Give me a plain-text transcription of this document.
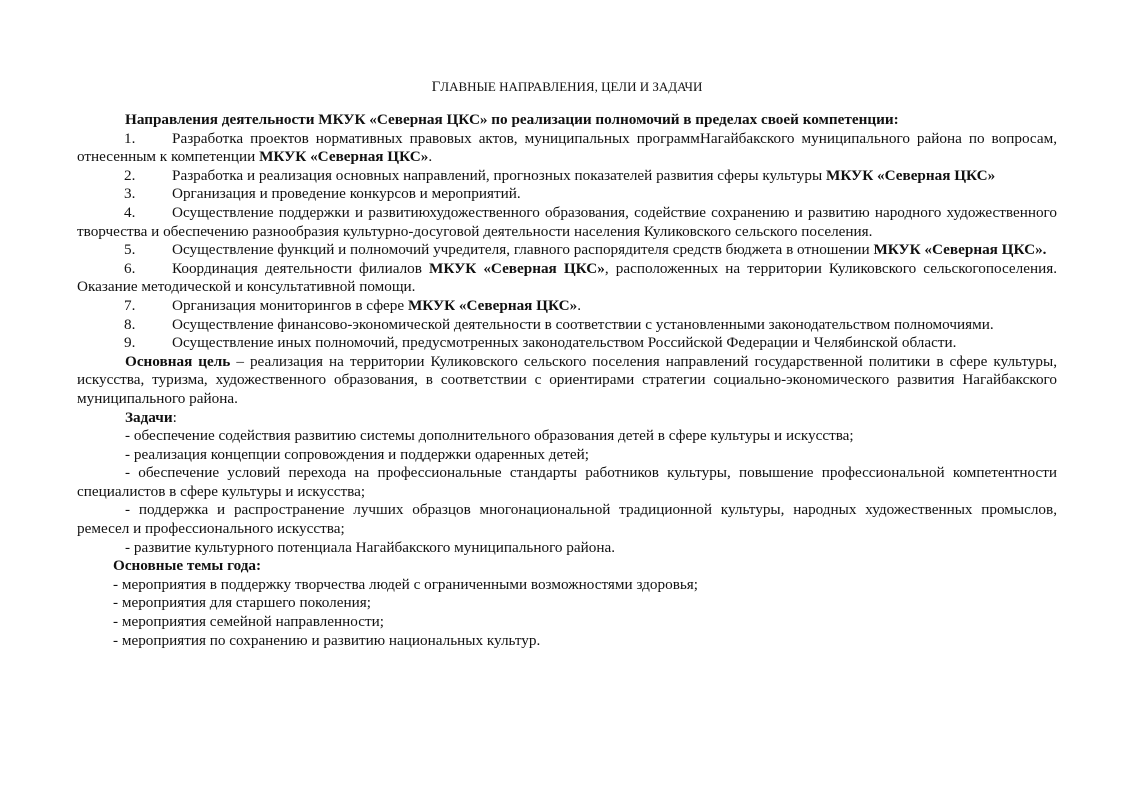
ГЛАВНЫЕ НАПРАВЛЕНИЯ, ЦЕЛИ И ЗАДАЧИ

Направления деятельности МКУК «Северная ЦКС» по реализации полномочий в пределах своей компетенции:

1. Разработка проектов нормативных правовых актов, муниципальных программНагайбакского муниципального района по вопросам, отнесенным к компетенции МКУК «Северная ЦКС».

2. Разработка и реализация основных направлений, прогнозных показателей развития сферы культуры МКУК «Северная ЦКС»

3. Организация и проведение конкурсов и мероприятий.

4. Осуществление поддержки и развитиюхудожественного образования, содействие сохранению и развитию народного художественного творчества и обеспечению разнообразия культурно-досуговой деятельности населения Куликовского сельского поселения.

5. Осуществление функций и полномочий учредителя, главного распорядителя средств бюджета в отношении МКУК «Северная ЦКС».

6. Координация деятельности филиалов МКУК «Северная ЦКС», расположенных на территории Куликовского сельскогопоселения. Оказание методической и консультативной помощи.

7. Организация мониторингов в сфере МКУК «Северная ЦКС».

8. Осуществление финансово-экономической деятельности в соответствии с установленными законодательством полномочиями.

9. Осуществление иных полномочий, предусмотренных законодательством Российской Федерации и Челябинской области.

Основная цель – реализация на территории Куликовского сельского поселения направлений государственной политики в сфере культуры, искусства, туризма, художественного образования, в соответствии с ориентирами стратегии социально-экономического развития Нагайбакского муниципального района.

Задачи:

- обеспечение содействия развитию системы дополнительного образования детей в сфере культуры и искусства;

- реализация концепции сопровождения и поддержки одаренных детей;

- обеспечение условий перехода на профессиональные стандарты работников культуры, повышение профессиональной компетентности специалистов в сфере культуры и искусства;

- поддержка и распространение лучших образцов многонациональной традиционной культуры, народных художественных промыслов, ремесел и профессионального искусства;

- развитие культурного потенциала Нагайбакского муниципального района.

Основные темы года:

- мероприятия в поддержку творчества людей с ограниченными возможностями здоровья;

- мероприятия для старшего поколения;

- мероприятия семейной направленности;

- мероприятия по сохранению и развитию национальных культур.
